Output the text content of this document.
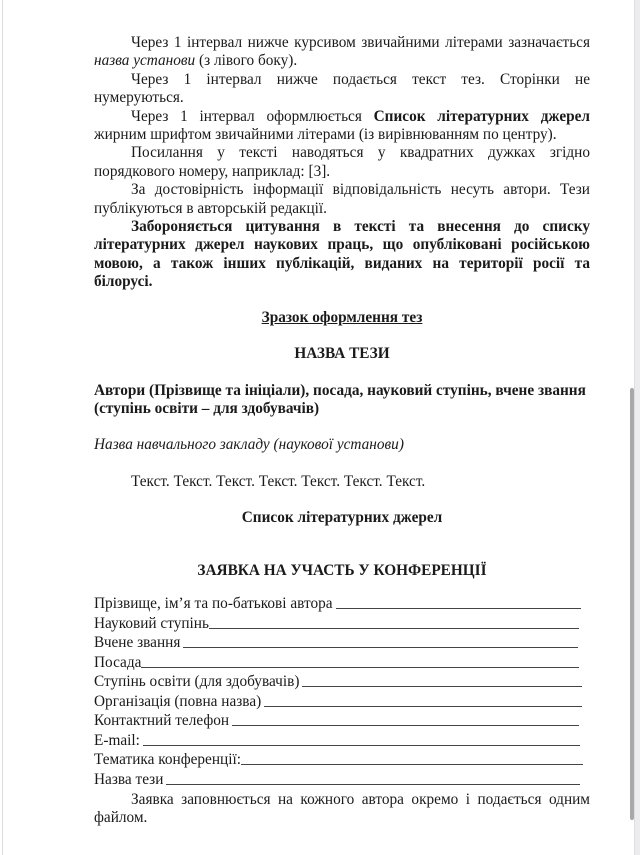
Через 1 інтервал нижче курсивом звичайними літерами зазначається назва установи (з лівого боку).

Через 1 інтервал нижче подається текст тез. Сторінки не нумеруються.

Через 1 інтервал оформлюється Список літературних джерел жирним шрифтом звичайними літерами (із вирівнюванням по центру).

Посилання у тексті наводяться у квадратних дужках згідно порядкового номеру, наприклад: [3].

За достовірність інформації відповідальність несуть автори. Тези публікуються в авторській редакції.

Забороняється цитування в тексті та внесення до списку літературних джерел наукових праць, що опубліковані російською мовою, а також інших публікацій, виданих на території росії та білорусі.

Зразок оформлення тез

НАЗВА ТЕЗИ

Автори (Прізвище та ініціали), посада, науковий ступінь, вчене звання (ступінь освіти – для здобувачів)

Назва навчального закладу (наукової установи)

Текст. Текст. Текст. Текст. Текст. Текст. Текст.

Список літературних джерел

ЗАЯВКА НА УЧАСТЬ У КОНФЕРЕНЦІЇ

Прізвище, ім’я та по-батькові автора
Науковий ступінь
Вчене звання
Посада
Ступінь освіти (для здобувачів)
Організація (повна назва)
Контактний телефон
E-mail:
Тематика конференції:
Назва тези

Заявка заповнюється на кожного автора окремо і подається одним файлом.
